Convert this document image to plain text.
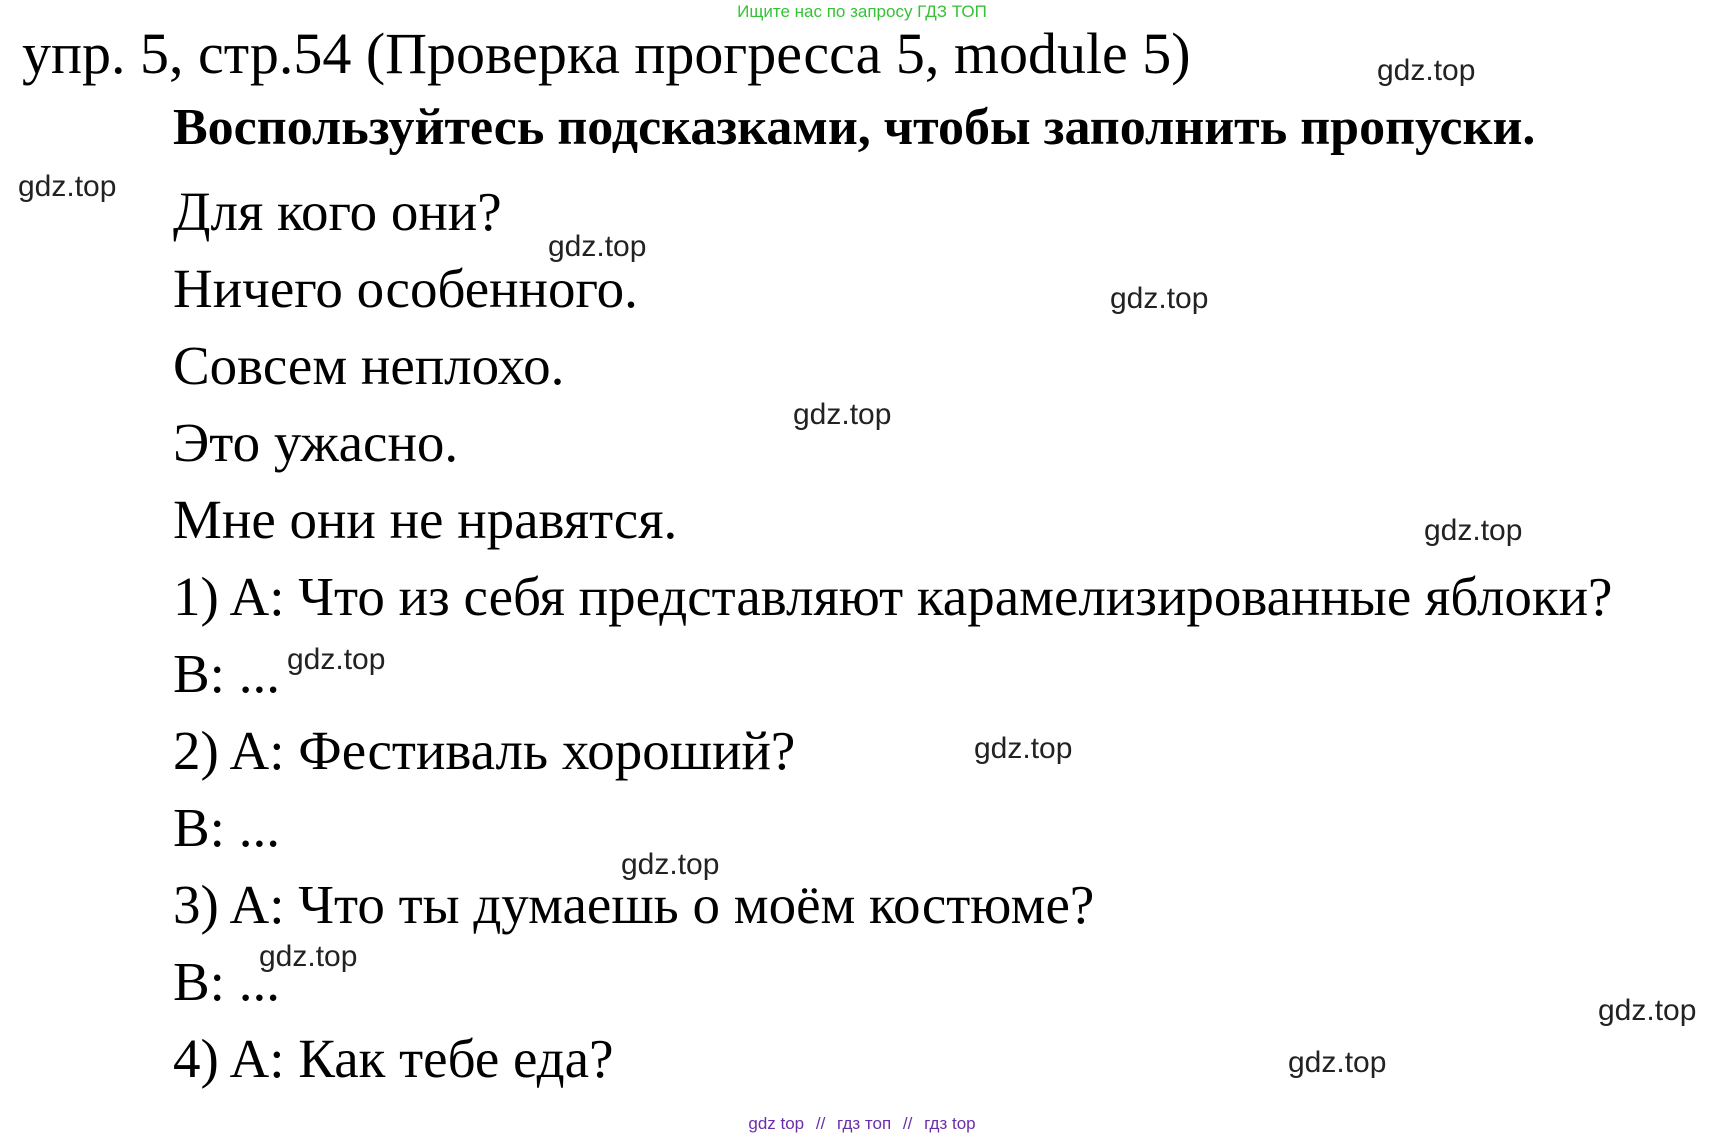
Ищите нас по запросу ГДЗ ТОП
упр. 5, стр.54 (Проверка прогресса 5, module 5)
Воспользуйтесь подсказками, чтобы заполнить пропуски.
Для кого они?
Ничего особенного.
Совсем неплохо.
Это ужасно.
Мне они не нравятся.
1) A: Что из себя представляют карамелизированные яблоки?
B: ...
2) A: Фестиваль хороший?
B: ...
3) A: Что ты думаешь о моём костюме?
B: ...
4) A: Как тебе еда?
gdz.top
gdz.top
gdz.top
gdz.top
gdz.top
gdz.top
gdz.top
gdz.top
gdz.top
gdz.top
gdz.top
gdz.top
gdz top // гдз топ // гдз top
